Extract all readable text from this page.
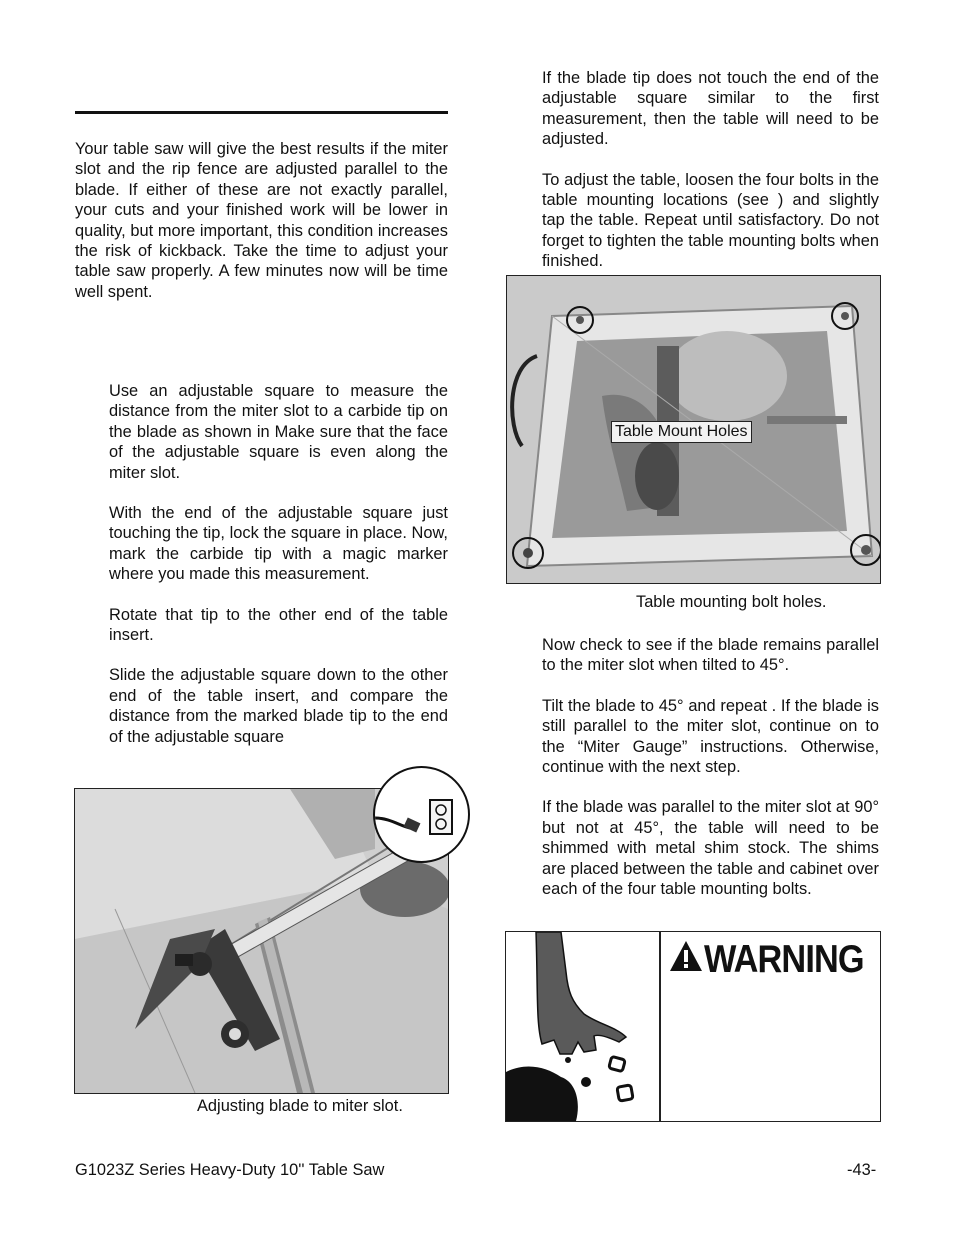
Your table saw will give the best results if the miter slot and the rip fence are adjusted parallel to the blade. If either of these are not exactly parallel, your cuts and your finished work will be lower in quality, but more important, this condition increases the risk of kickback. Take the time to adjust your table saw properly. A few minutes now will be time well spent.

Use an adjustable square to measure the distance from the miter slot to a carbide tip on the blade as shown in Make sure that the face of the adjustable square is even along the miter slot.

With the end of the adjustable square just touching the tip, lock the square in place. Now, mark the carbide tip with a magic marker where you made this measurement.

Rotate that tip to the other end of the table insert.

Slide the adjustable square down to the other end of the table insert, and compare the distance from the marked blade tip to the end of the adjustable square

Adjusting blade to miter slot.

If the blade tip does not touch the end of the adjustable square similar to the first measurement, then the table will need to be adjusted.

To adjust the table, loosen the four bolts in the table mounting locations (see ) and slightly tap the table. Repeat until satisfactory. Do not forget to tighten the table mounting bolts when finished.

Table Mount Holes
Table mounting bolt holes.

Now check to see if the blade remains parallel to the miter slot when tilted to 45°.

Tilt the blade to 45° and repeat . If the blade is still parallel to the miter slot, continue on to the “Miter Gauge” instructions. Otherwise, continue with the next step.

If the blade was parallel to the miter slot at 90° but not at 45°, the table will need to be shimmed with metal shim stock. The shims are placed between the table and cabinet over each of the four table mounting bolts.

WARNING
G1023Z Series Heavy-Duty 10'' Table Saw	-43-
